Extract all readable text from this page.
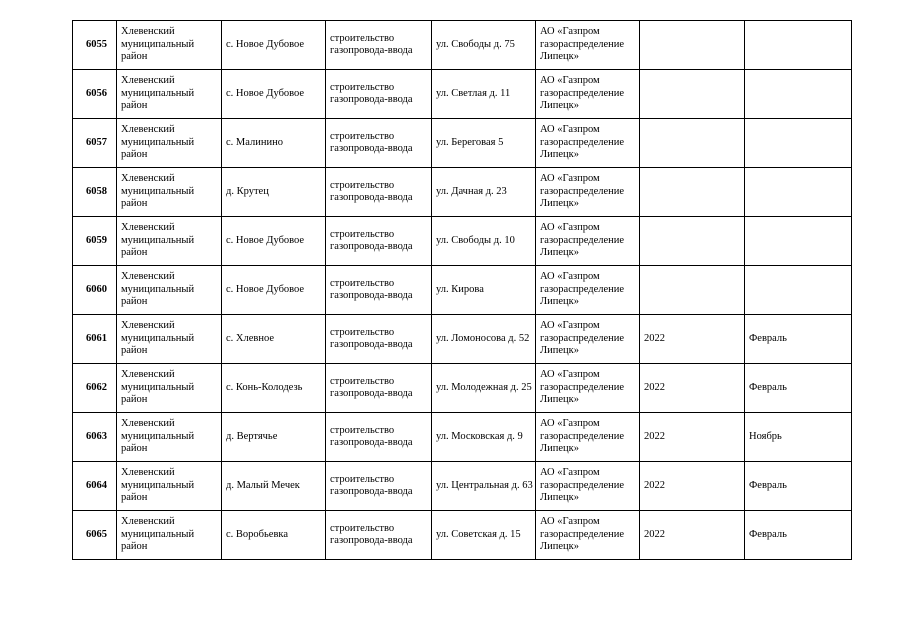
6055	Хлевенский муниципальный район	с. Новое Дубовое	строительство газопровода-ввода	ул. Свободы д. 75	АО «Газпром газораспределение Липецк»		
6056	Хлевенский муниципальный район	с. Новое Дубовое	строительство газопровода-ввода	ул. Светлая д. 11	АО «Газпром газораспределение Липецк»		
6057	Хлевенский муниципальный район	с. Малинино	строительство газопровода-ввода	ул. Береговая 5	АО «Газпром газораспределение Липецк»		
6058	Хлевенский муниципальный район	д. Крутец	строительство газопровода-ввода	ул. Дачная д. 23	АО «Газпром газораспределение Липецк»		
6059	Хлевенский муниципальный район	с. Новое Дубовое	строительство газопровода-ввода	ул. Свободы д. 10	АО «Газпром газораспределение Липецк»		
6060	Хлевенский муниципальный район	с. Новое Дубовое	строительство газопровода-ввода	ул. Кирова	АО «Газпром газораспределение Липецк»		
6061	Хлевенский муниципальный район	с. Хлевное	строительство газопровода-ввода	ул. Ломоносова д. 52	АО «Газпром газораспределение Липецк»	2022	Февраль
6062	Хлевенский муниципальный район	с. Конь-Колодезь	строительство газопровода-ввода	ул. Молодежная д. 25	АО «Газпром газораспределение Липецк»	2022	Февраль
6063	Хлевенский муниципальный район	д. Вертячье	строительство газопровода-ввода	ул. Московская д. 9	АО «Газпром газораспределение Липецк»	2022	Ноябрь
6064	Хлевенский муниципальный район	д. Малый Мечек	строительство газопровода-ввода	ул. Центральная д. 63	АО «Газпром газораспределение Липецк»	2022	Февраль
6065	Хлевенский муниципальный район	с. Воробьевка	строительство газопровода-ввода	ул. Советская д. 15	АО «Газпром газораспределение Липецк»	2022	Февраль
